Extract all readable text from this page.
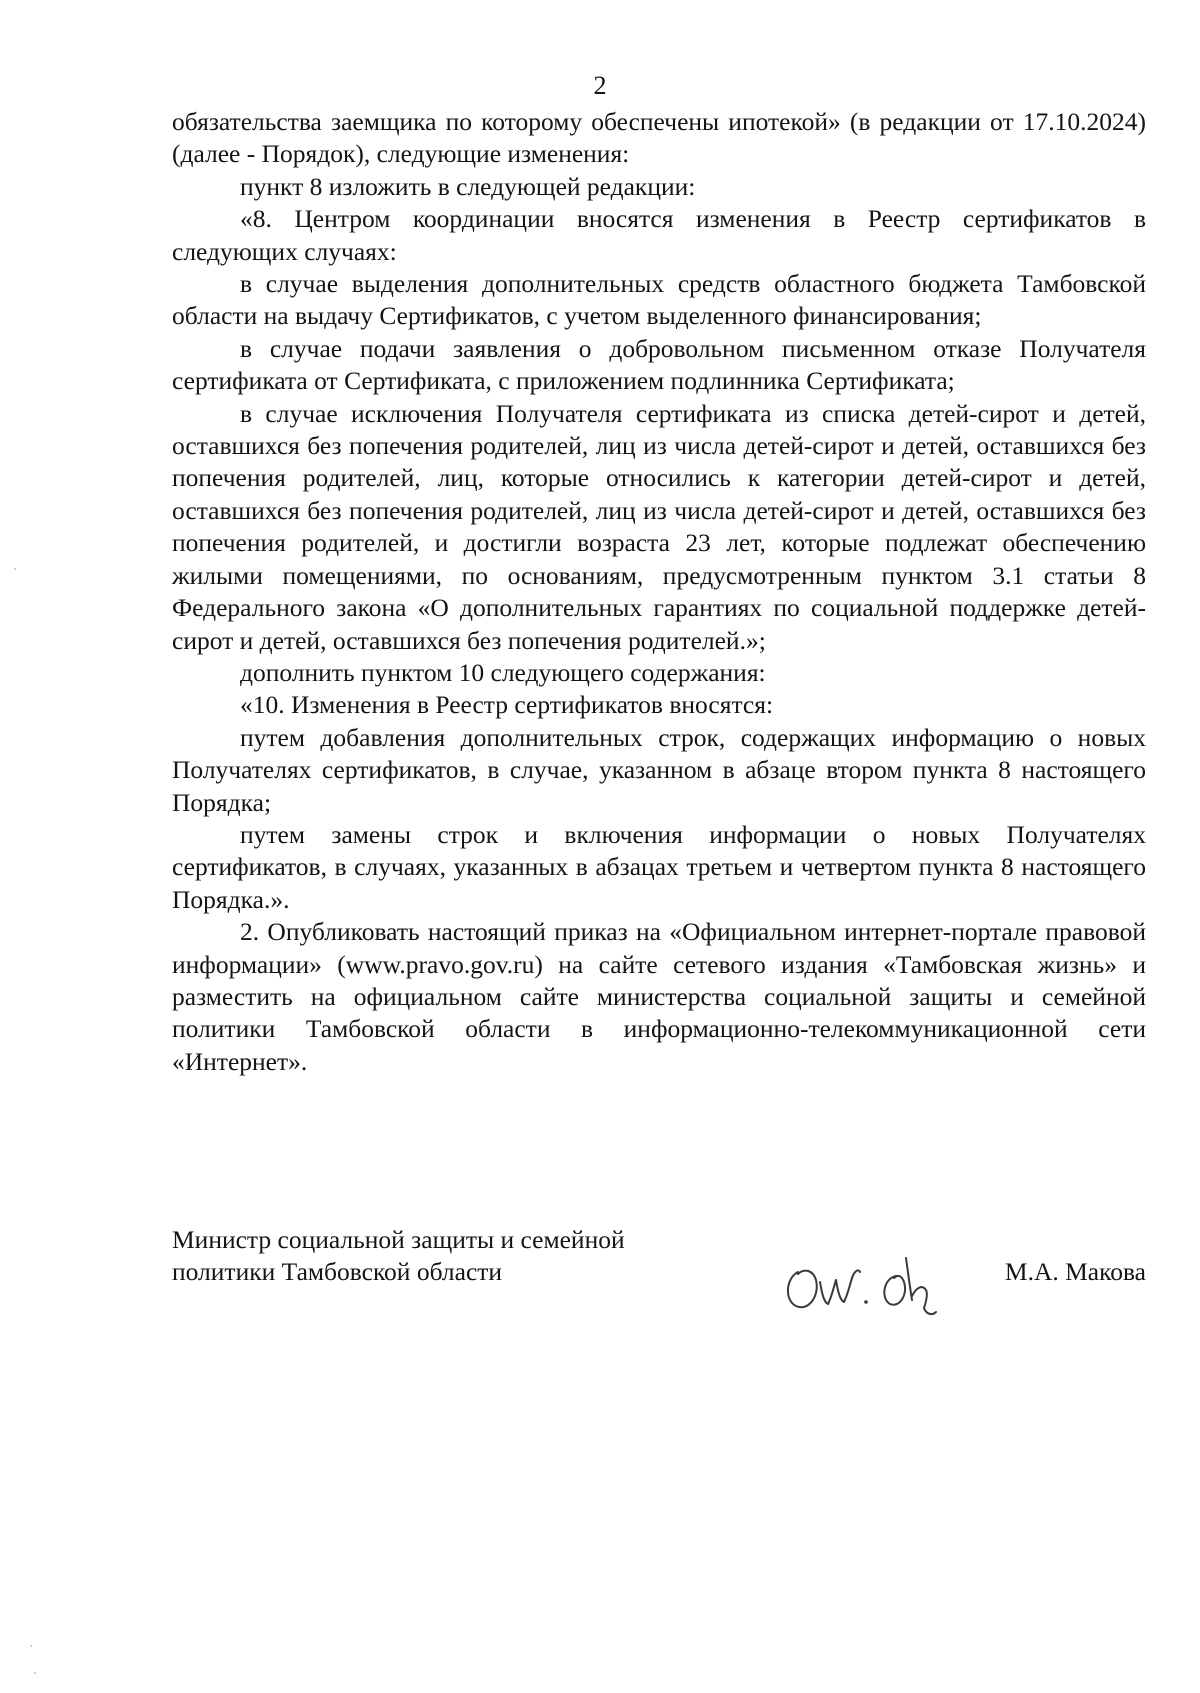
2

обязательства заемщика по которому обеспечены ипотекой» (в редакции от 17.10.2024) (далее - Порядок), следующие изменения:

пункт 8 изложить в следующей редакции:

«8. Центром координации вносятся изменения в Реестр сертификатов в следующих случаях:

в случае выделения дополнительных средств областного бюджета Тамбовской области на выдачу Сертификатов, с учетом выделенного финансирования;

в случае подачи заявления о добровольном письменном отказе Получателя сертификата от Сертификата, с приложением подлинника Сертификата;

в случае исключения Получателя сертификата из списка детей-сирот и детей, оставшихся без попечения родителей, лиц из числа детей-сирот и детей, оставшихся без попечения родителей, лиц, которые относились к категории детей-сирот и детей, оставшихся без попечения родителей, лиц из числа детей-сирот и детей, оставшихся без попечения родителей, и достигли возраста 23 лет, которые подлежат обеспечению жилыми помещениями, по основаниям, предусмотренным пунктом 3.1 статьи 8 Федерального закона «О дополнительных гарантиях по социальной поддержке детей-сирот и детей, оставшихся без попечения родителей.»;

дополнить пунктом 10 следующего содержания:

«10. Изменения в Реестр сертификатов вносятся:

путем добавления дополнительных строк, содержащих информацию о новых Получателях сертификатов, в случае, указанном в абзаце втором пункта 8 настоящего Порядка;

путем замены строк и включения информации о новых Получателях сертификатов, в случаях, указанных в абзацах третьем и четвертом пункта 8 настоящего Порядка.».

2. Опубликовать настоящий приказ на «Официальном интернет-портале правовой информации» (www.pravo.gov.ru) на сайте сетевого издания «Тамбовская жизнь» и разместить на официальном сайте министерства социальной защиты и семейной политики Тамбовской области в информационно-телекоммуникационной сети «Интернет».

Министр социальной защиты и семейной
политики Тамбовской области	М.А. Макова
